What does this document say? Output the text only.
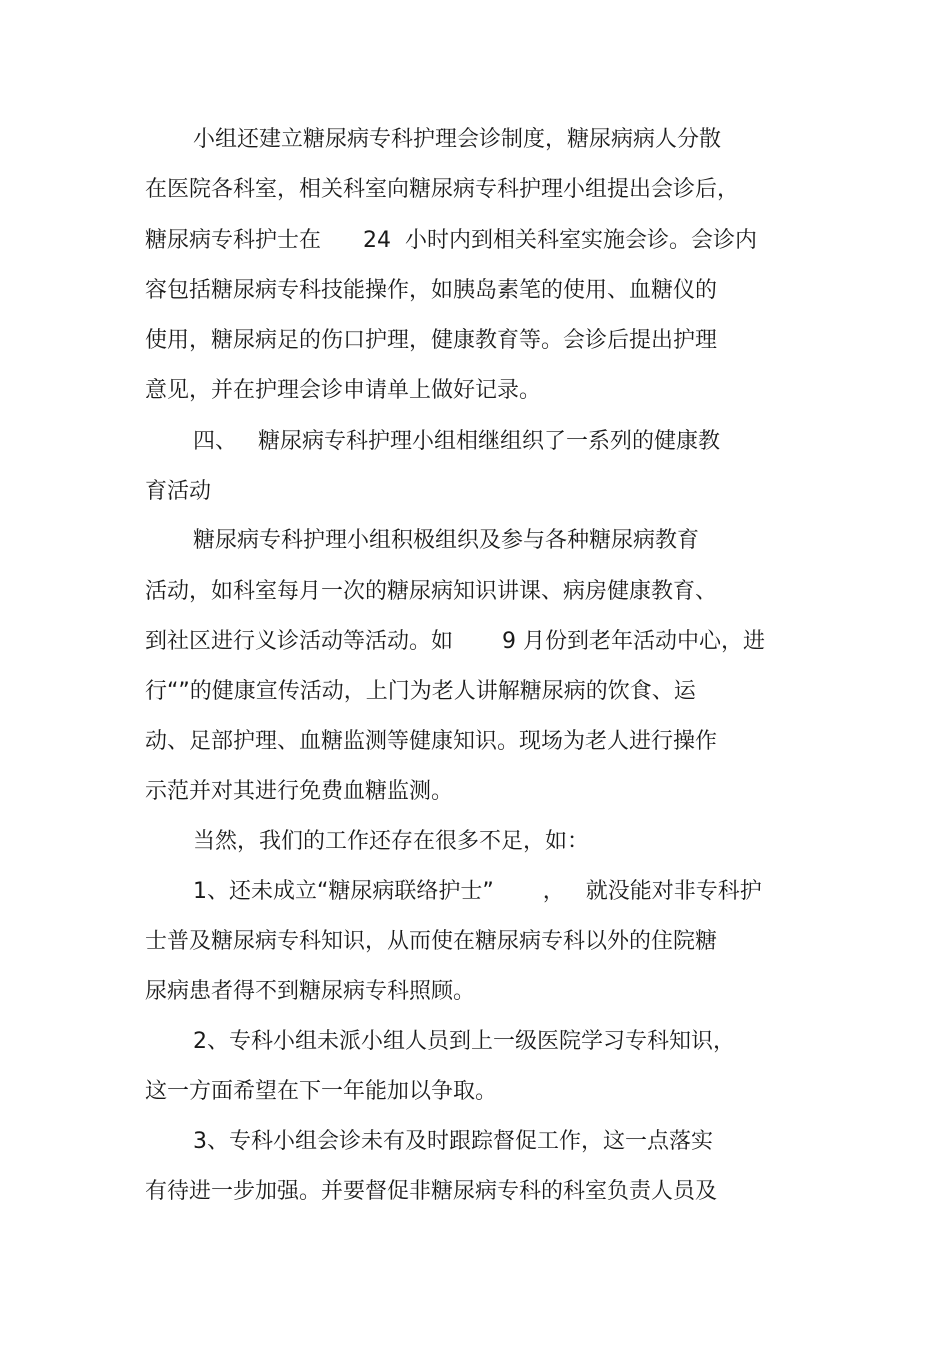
小组还建立糖尿病专科护理会诊制度，糖尿病病人分散
在医院各科室，相关科室向糖尿病专科护理小组提出会诊后，
糖尿病专科护士在      24  小时内到相关科室实施会诊。会诊内
容包括糖尿病专科技能操作，如胰岛素笔的使用、血糖仪的
使用，糖尿病足的伤口护理，健康教育等。会诊后提出护理
意见，并在护理会诊申请单上做好记录。
四、   糖尿病专科护理小组相继组织了一系列的健康教
育活动
糖尿病专科护理小组积极组织及参与各种糖尿病教育
活动，如科室每月一次的糖尿病知识讲课、病房健康教育、
到社区进行义诊活动等活动。如       9 月份到老年活动中心，进
行“”的健康宣传活动，上门为老人讲解糖尿病的饮食、运
动、足部护理、血糖监测等健康知识。现场为老人进行操作
示范并对其进行免费血糖监测。
当然，我们的工作还存在很多不足，如：
1、还未成立“糖尿病联络护士”       ，   就没能对非专科护
士普及糖尿病专科知识，从而使在糖尿病专科以外的住院糖
尿病患者得不到糖尿病专科照顾。
2、专科小组未派小组人员到上一级医院学习专科知识，
这一方面希望在下一年能加以争取。
3、专科小组会诊未有及时跟踪督促工作，这一点落实
有待进一步加强。并要督促非糖尿病专科的科室负责人员及
